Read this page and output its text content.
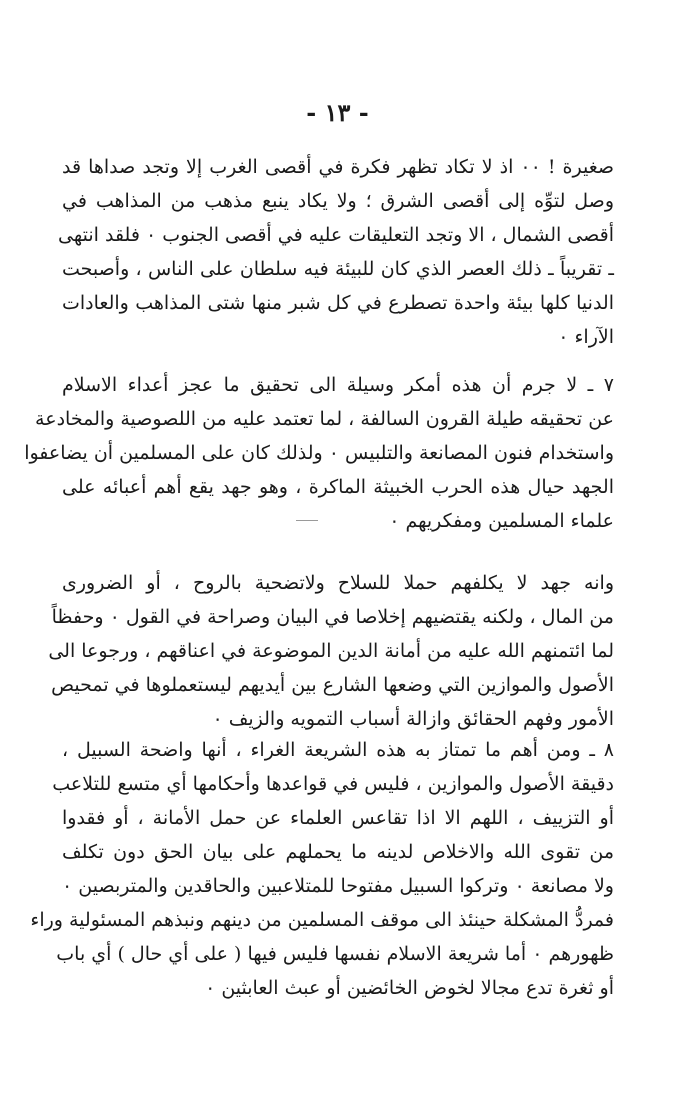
- ١٣ -
صغيرة ! ٠٠ اذ لا تكاد تظهر فكرة في أقصى الغرب إلا وتجد صداها قد
وصل لتوِّه إلى أقصى الشرق ؛ ولا يكاد ينبع مذهب من المذاهب في
أقصى الشمال ، الا وتجد التعليقات عليه في أقصى الجنوب ٠ فلقد انتهى
ـ تقريباً ـ ذلك العصر الذي كان للبيئة فيه سلطان على الناس ، وأصبحت
الدنيا كلها بيئة واحدة تصطرع في كل شبر منها شتى المذاهب والعادات
الآراء ٠
٧ ـ لا جرم أن هذه أمكر وسيلة الى تحقيق ما عجز أعداء الاسلام
عن تحقيقه طيلة القرون السالفة ، لما تعتمد عليه من اللصوصية والمخادعة
واستخدام فنون المصانعة والتلبيس ٠ ولذلك كان على المسلمين أن يضاعفوا
الجهد حيال هذه الحرب الخبيثة الماكرة ، وهو جهد يقع أهم أعبائه على
علماء المسلمين ومفكريهم ٠
وانه جهد لا يكلفهم حملا للسلاح ولاتضحية بالروح ، أو الضرورى
من المال ، ولكنه يقتضيهم إخلاصا في البيان وصراحة في القول ٠ وحفظاً
لما ائتمنهم الله عليه من أمانة الدين الموضوعة في اعناقهم ، ورجوعا الى
الأصول والموازين التي وضعها الشارع بين أيديهم ليستعملوها في تمحيص
الأمور وفهم الحقائق وازالة أسباب التمويه والزيف ٠
٨ ـ ومن أهم ما تمتاز به هذه الشريعة الغراء ، أنها واضحة السبيل ،
دقيقة الأصول والموازين ، فليس في قواعدها وأحكامها أي متسع للتلاعب
أو التزييف ، اللهم الا اذا تقاعس العلماء عن حمل الأمانة ، أو فقدوا
من تقوى الله والاخلاص لدينه ما يحملهم على بيان الحق دون تكلف
ولا مصانعة ٠ وتركوا السبيل مفتوحا للمتلاعبين والحاقدين والمتربصين ٠
فمردُّ المشكلة حينئذ الى موقف المسلمين من دينهم ونبذهم المسئولية وراء
ظهورهم ٠ أما شريعة الاسلام نفسها فليس فيها ( على أي حال ) أي باب
أو ثغرة تدع مجالا لخوض الخائضين أو عبث العابثين ٠
